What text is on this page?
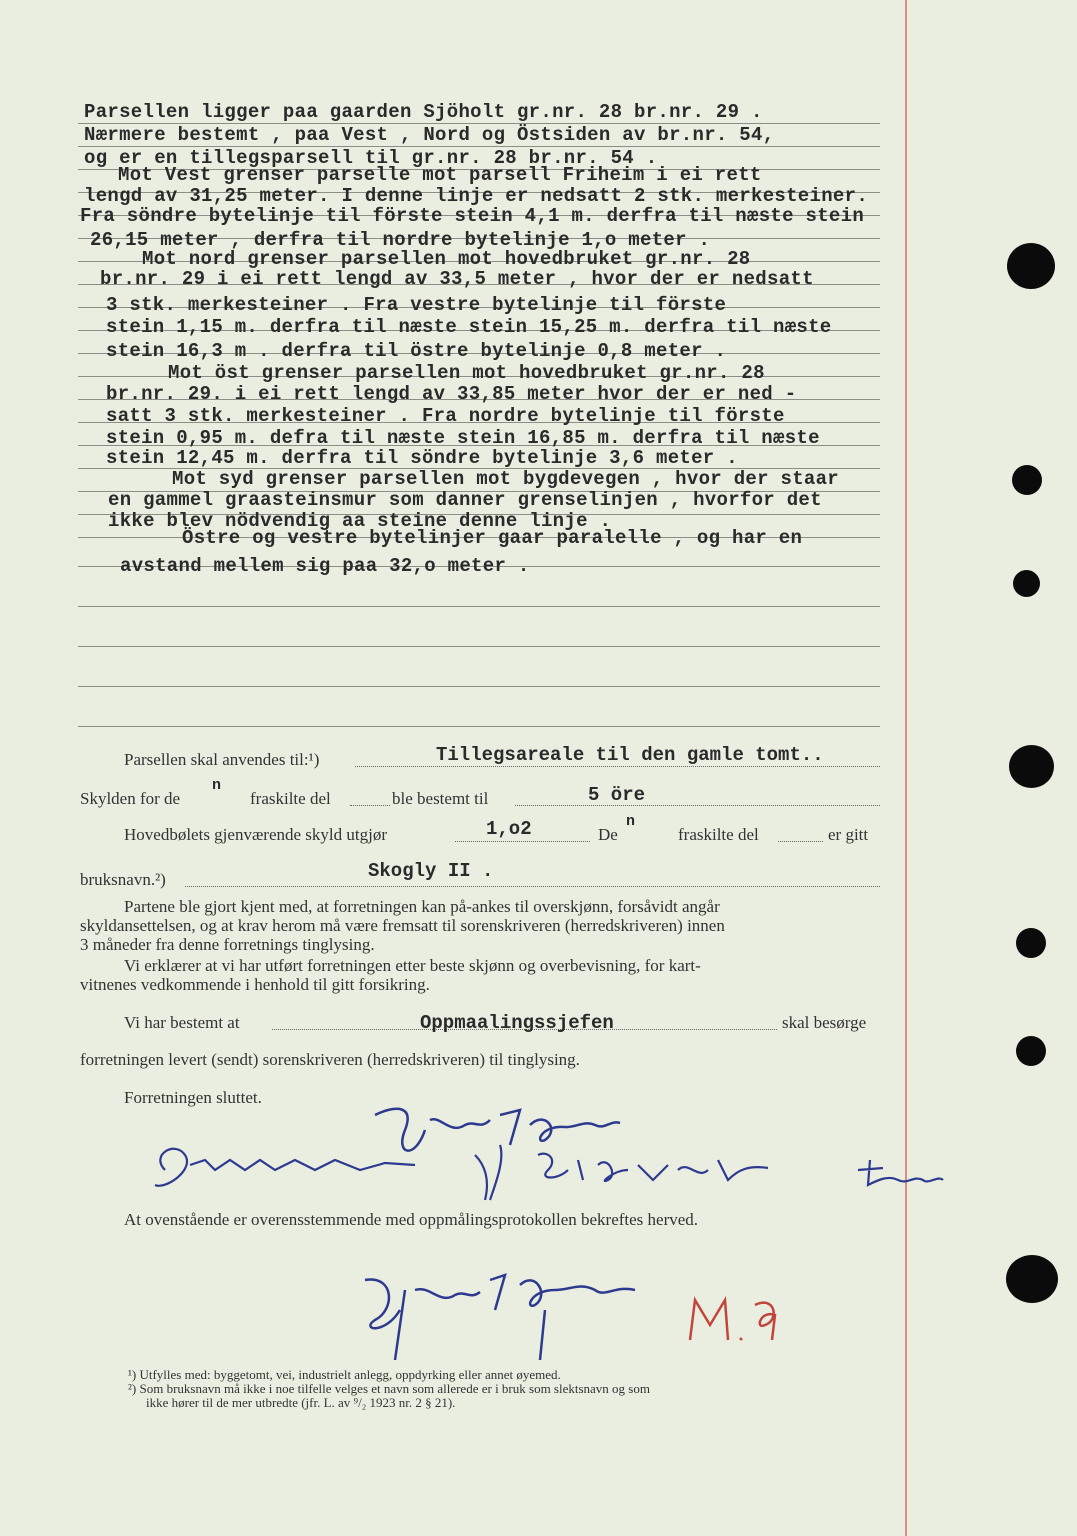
Parsellen ligger paa gaarden Sjöholt gr.nr. 28 br.nr. 29 .
Nærmere bestemt , paa Vest , Nord og Östsiden av br.nr. 54,
og er en tillegsparsell til gr.nr. 28 br.nr. 54 .
Mot Vest grenser parselle mot parsell Friheim i ei rett
lengd av 31,25 meter. I denne linje er nedsatt 2 stk. merkesteiner.
Fra söndre bytelinje til förste stein 4,1 m. derfra til næste stein
26,15 meter , derfra til nordre bytelinje 1,o meter .
Mot nord grenser parsellen mot hovedbruket gr.nr. 28
br.nr. 29 i ei rett lengd av 33,5 meter , hvor der er nedsatt
3 stk. merkesteiner . Fra vestre bytelinje til förste
stein 1,15 m. derfra til næste stein 15,25 m. derfra til næste
stein 16,3 m . derfra til östre bytelinje 0,8 meter .
Mot öst grenser parsellen mot hovedbruket gr.nr. 28
br.nr. 29. i ei rett lengd av 33,85 meter hvor der er ned -
satt 3 stk. merkesteiner . Fra nordre bytelinje til förste
stein 0,95 m. defra til næste stein 16,85 m. derfra til næste
stein 12,45 m. derfra til söndre bytelinje 3,6 meter .
Mot syd grenser parsellen mot bygdevegen , hvor der staar
en gammel graasteinsmur som danner grenselinjen , hvorfor det
ikke blev nödvendig aa steine denne linje .
Östre og vestre bytelinjer gaar paralelle , og har en
avstand mellem sig paa 32,o meter .
Parsellen skal anvendes til:¹)	Tillegsareale til den gamle tomt..
Skylden for de
n
fraskilte del	ble bestemt til	5 öre
Hovedbølets gjenværende skyld utgjør	1,o2	De
n
fraskilte del	er gitt
bruksnavn.²)	Skogly II .
Partene ble gjort kjent med, at forretningen kan på-ankes til overskjønn, forsåvidt angår
skyldansettelsen, og at krav herom må være fremsatt til sorenskriveren (herredskriveren) innen
3 måneder fra denne forretnings tinglysing.
Vi erklærer at vi har utført forretningen etter beste skjønn og overbevisning, for kart-
vitnenes vedkommende i henhold til gitt forsikring.
Vi har bestemt at	Oppmaalingssjefen	skal besørge
forretningen levert (sendt) sorenskriveren (herredskriveren) til tinglysing.
Forretningen sluttet.
At ovenstående er overensstemmende med oppmålingsprotokollen bekreftes herved.
¹) Utfylles med: byggetomt, vei, industrielt anlegg, oppdyrking eller annet øyemed.
²) Som bruksnavn må ikke i noe tilfelle velges et navn som allerede er i bruk som slektsnavn og som
ikke hører til de mer utbredte (jfr. L. av ⁹/₂ 1923 nr. 2 § 21).
